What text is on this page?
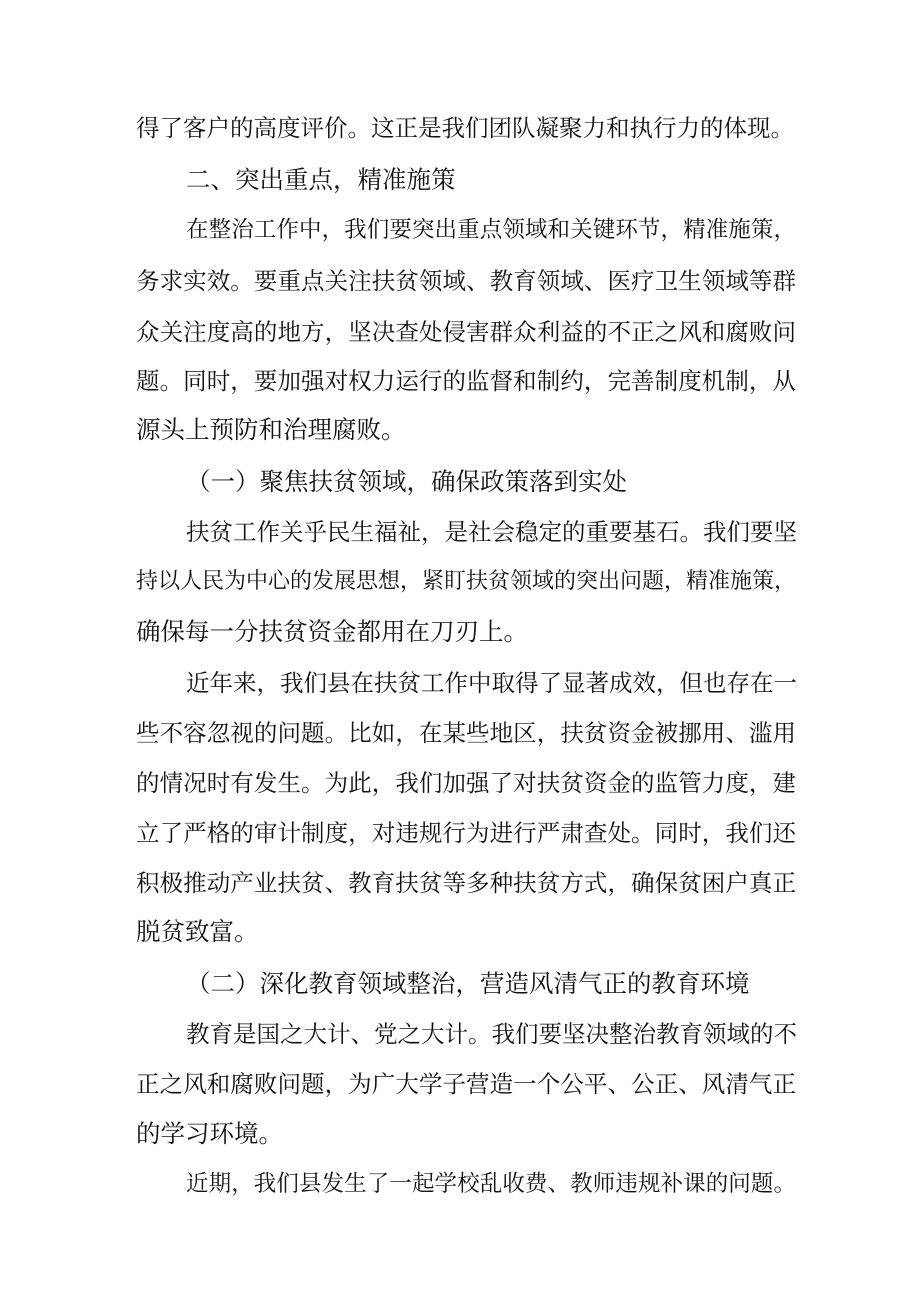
得了客户的高度评价。这正是我们团队凝聚力和执行力的体现。
二、突出重点，精准施策
在整治工作中，我们要突出重点领域和关键环节，精准施策，
务求实效。要重点关注扶贫领域、教育领域、医疗卫生领域等群
众关注度高的地方，坚决查处侵害群众利益的不正之风和腐败问
题。同时，要加强对权力运行的监督和制约，完善制度机制，从
源头上预防和治理腐败。
（一）聚焦扶贫领域，确保政策落到实处
扶贫工作关乎民生福祉，是社会稳定的重要基石。我们要坚
持以人民为中心的发展思想，紧盯扶贫领域的突出问题，精准施策，
确保每一分扶贫资金都用在刀刃上。
近年来，我们县在扶贫工作中取得了显著成效，但也存在一
些不容忽视的问题。比如，在某些地区，扶贫资金被挪用、滥用
的情况时有发生。为此，我们加强了对扶贫资金的监管力度，建
立了严格的审计制度，对违规行为进行严肃查处。同时，我们还
积极推动产业扶贫、教育扶贫等多种扶贫方式，确保贫困户真正
脱贫致富。
（二）深化教育领域整治，营造风清气正的教育环境
教育是国之大计、党之大计。我们要坚决整治教育领域的不
正之风和腐败问题，为广大学子营造一个公平、公正、风清气正
的学习环境。
近期，我们县发生了一起学校乱收费、教师违规补课的问题。
